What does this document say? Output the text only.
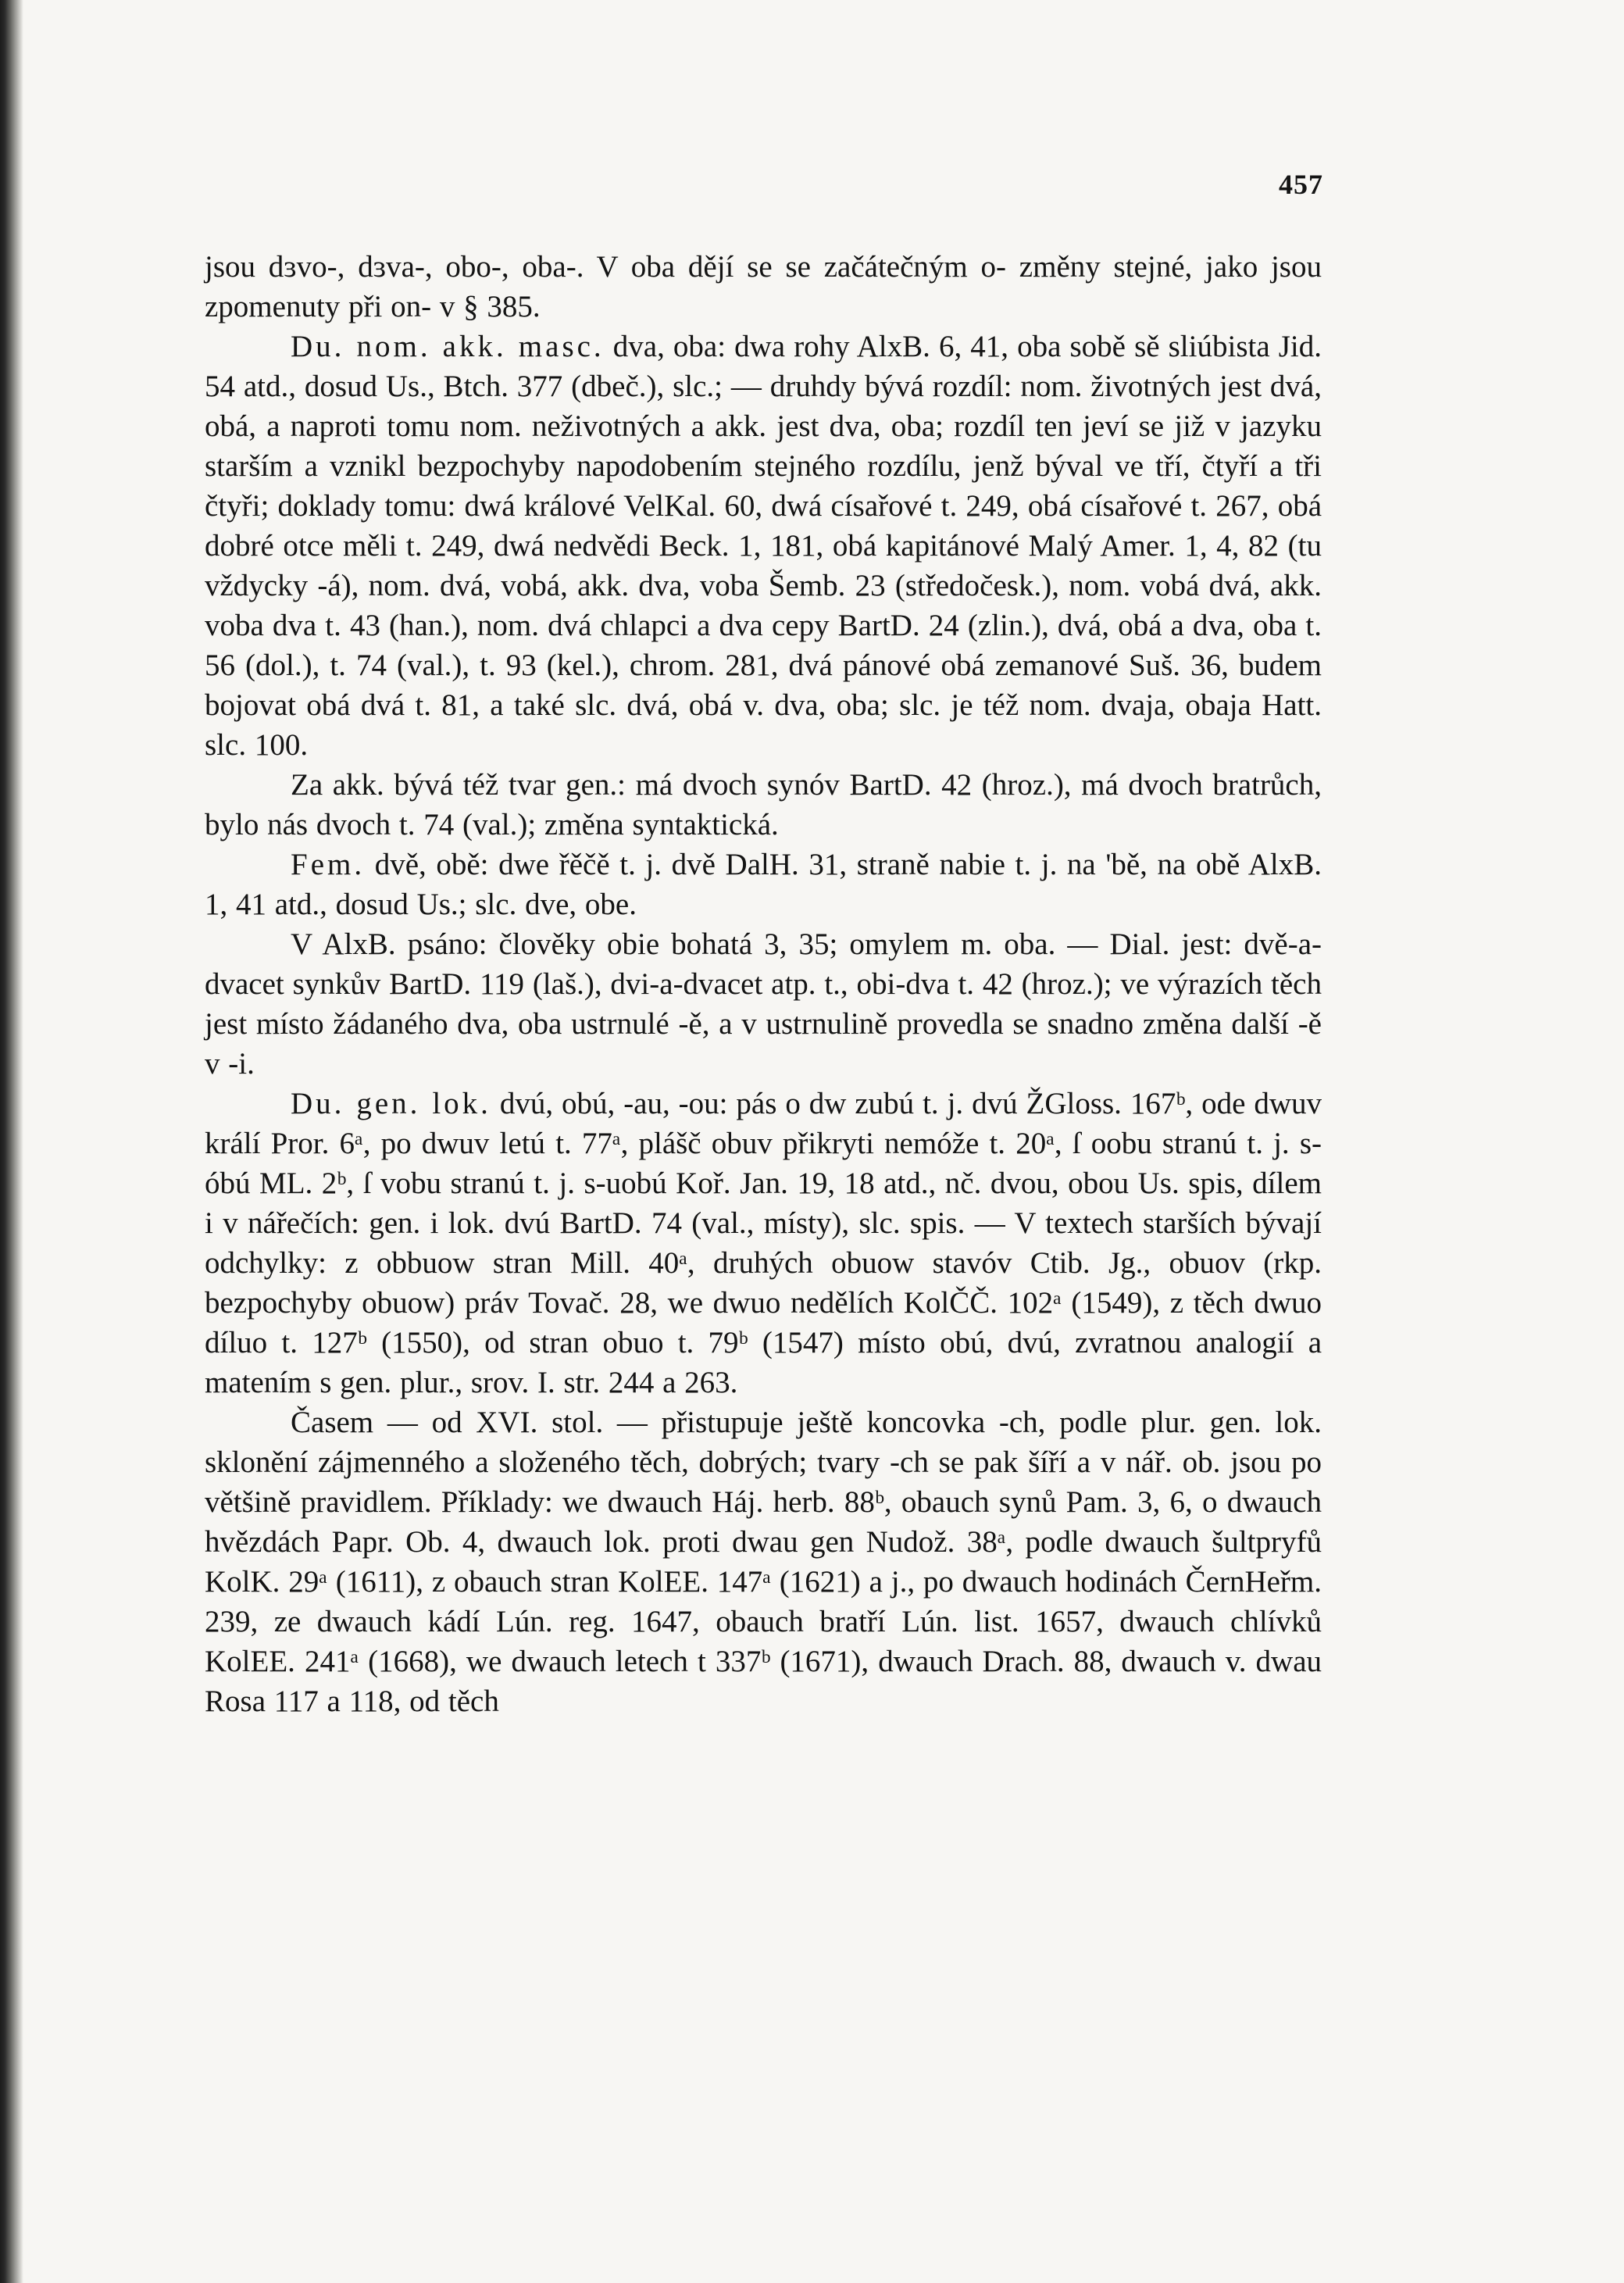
457

jsou dɜvo-, dɜva-, obo-, oba-. V oba dějí se se začátečným o- změny stejné, jako jsou zpomenuty při on- v § 385.

Du. nom. akk. masc. dva, oba: dwa rohy AlxB. 6, 41, oba sobě sě sliúbista Jid. 54 atd., dosud Us., Btch. 377 (dbeč.), slc.; — druhdy bývá rozdíl: nom. životných jest dvá, obá, a naproti tomu nom. neživotných a akk. jest dva, oba; rozdíl ten jeví se již v jazyku starším a vznikl bezpochyby napodobením stejného rozdílu, jenž býval ve tří, čtyří a tři čtyři; doklady tomu: dwá králové VelKal. 60, dwá císařové t. 249, obá císařové t. 267, obá dobré otce měli t. 249, dwá nedvědi Beck. 1, 181, obá kapitánové Malý Amer. 1, 4, 82 (tu vždycky -á), nom. dvá, vobá, akk. dva, voba Šemb. 23 (středočesk.), nom. vobá dvá, akk. voba dva t. 43 (han.), nom. dvá chlapci a dva cepy BartD. 24 (zlin.), dvá, obá a dva, oba t. 56 (dol.), t. 74 (val.), t. 93 (kel.), chrom. 281, dvá pánové obá zemanové Suš. 36, budem bojovat obá dvá t. 81, a také slc. dvá, obá v. dva, oba; slc. je též nom. dvaja, obaja Hatt. slc. 100.

Za akk. bývá též tvar gen.: má dvoch synóv BartD. 42 (hroz.), má dvoch bratrůch, bylo nás dvoch t. 74 (val.); změna syntaktická.

Fem. dvě, obě: dwe řěčě t. j. dvě DalH. 31, straně nabie t. j. na 'bě, na obě AlxB. 1, 41 atd., dosud Us.; slc. dve, obe.

V AlxB. psáno: člověky obie bohatá 3, 35; omylem m. oba. — Dial. jest: dvě-a-dvacet synkův BartD. 119 (laš.), dvi-a-dvacet atp. t., obi-dva t. 42 (hroz.); ve výrazích těch jest místo žádaného dva, oba ustrnulé -ě, a v ustrnulině provedla se snadno změna další -ě v -i.

Du. gen. lok. dvú, obú, -au, -ou: pás o dw zubú t. j. dvú ŽGloss. 167ᵇ, ode dwuv králí Pror. 6ᵃ, po dwuv letú t. 77ᵃ, plášč obuv přikryti nemóže t. 20ᵃ, ſ oobu stranú t. j. s-óbú ML. 2ᵇ, ſ vobu stranú t. j. s-uobú Koř. Jan. 19, 18 atd., nč. dvou, obou Us. spis, dílem i v nářečích: gen. i lok. dvú BartD. 74 (val., místy), slc. spis. — V textech starších bývají odchylky: z obbuow stran Mill. 40ᵃ, druhých obuow stavóv Ctib. Jg., obuov (rkp. bezpochyby obuow) práv Tovač. 28, we dwuo nedělích KolČČ. 102ᵃ (1549), z těch dwuo díluo t. 127ᵇ (1550), od stran obuo t. 79ᵇ (1547) místo obú, dvú, zvratnou analogií a matením s gen. plur., srov. I. str. 244 a 263.

Časem — od XVI. stol. — přistupuje ještě koncovka -ch, podle plur. gen. lok. sklonění zájmenného a složeného těch, dobrých; tvary -ch se pak šíří a v nář. ob. jsou po většině pravidlem. Příklady: we dwauch Háj. herb. 88ᵇ, obauch synů Pam. 3, 6, o dwauch hvězdách Papr. Ob. 4, dwauch lok. proti dwau gen Nudož. 38ᵃ, podle dwauch šultpryfů KolK. 29ᵃ (1611), z obauch stran KolEE. 147ᵃ (1621) a j., po dwauch hodinách ČernHeřm. 239, ze dwauch kádí Lún. reg. 1647, obauch bratří Lún. list. 1657, dwauch chlívků KolEE. 241ᵃ (1668), we dwauch letech t 337ᵇ (1671), dwauch Drach. 88, dwauch v. dwau Rosa 117 a 118, od těch
